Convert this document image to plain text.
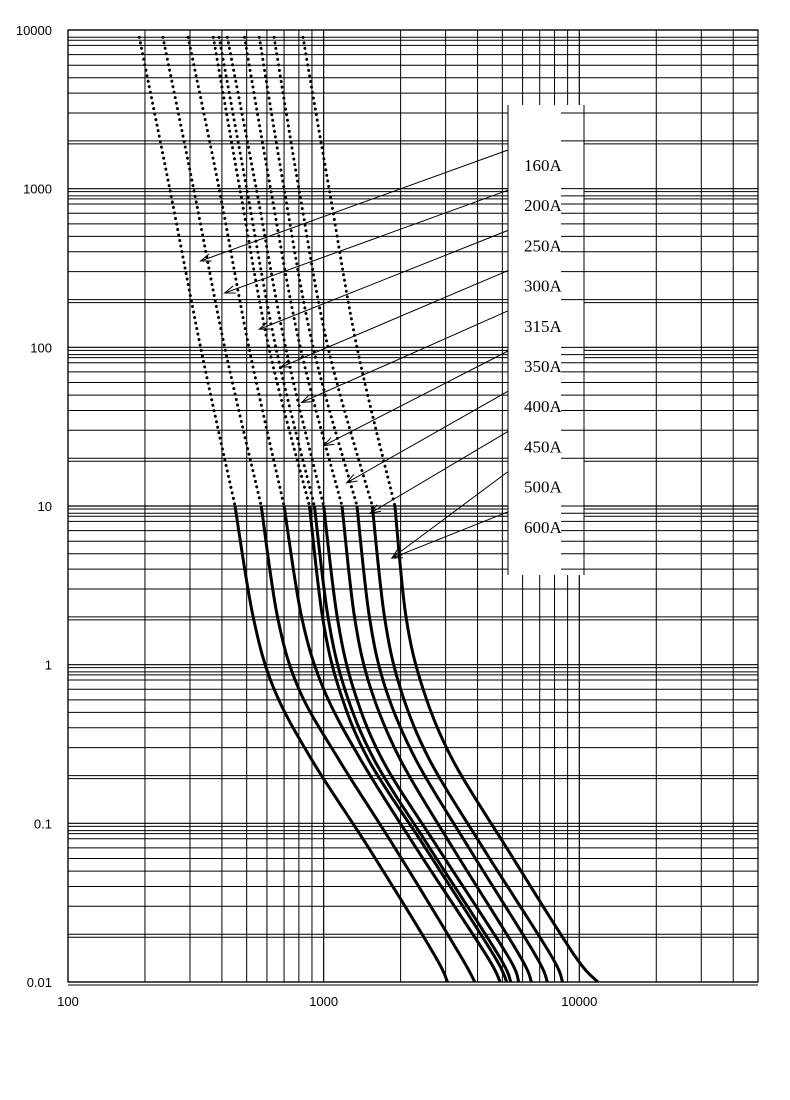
160A
200A
250A
300A
315A
350A
400A
450A
500A
600A
100	1000	10000
10000
1000
100
10
1
0.1
0.01
